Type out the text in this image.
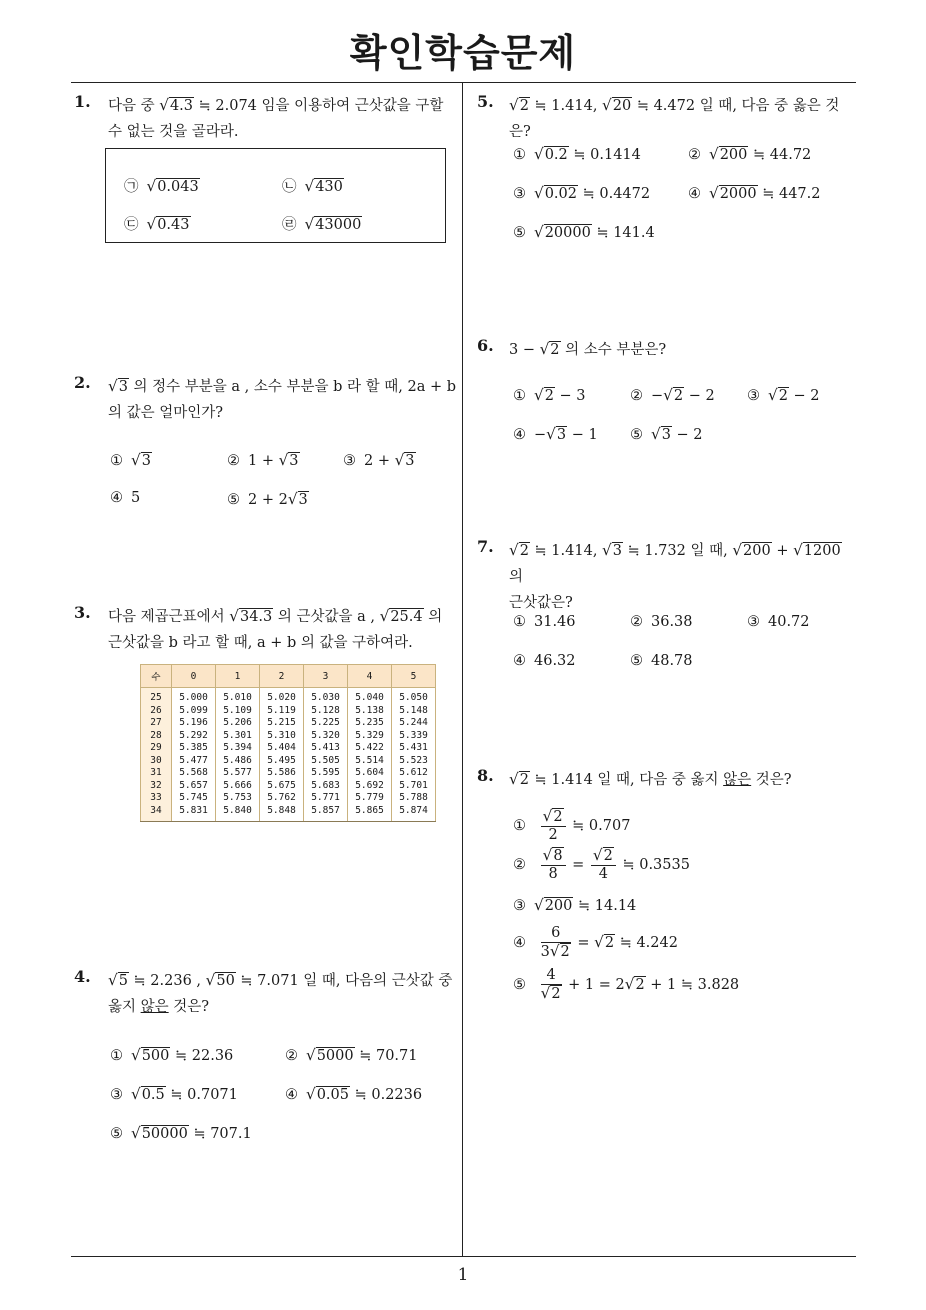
확인학습문제
1
1. 다음 중 √4.3 ≒ 2.074 임을 이용하여 근삿값을 구할 수 없는 것을 골라라.
㉠ √0.043	㉡ √430
㉢ √0.43	㉣ √43000
2. √3 의 정수 부분을 a , 소수 부분을 b 라 할 때, 2a + b 의 값은 얼마인가?
① √3	② 1 + √3	③ 2 + √3
④ 5	⑤ 2 + 2√3
3. 다음 제곱근표에서 √34.3 의 근삿값을 a , √25.4 의 근삿값을 b 라고 할 때, a + b 의 값을 구하여라.
수	0	1	2	3	4	5
25	5.000	5.010	5.020	5.030	5.040	5.050
26	5.099	5.109	5.119	5.128	5.138	5.148
27	5.196	5.206	5.215	5.225	5.235	5.244
28	5.292	5.301	5.310	5.320	5.329	5.339
29	5.385	5.394	5.404	5.413	5.422	5.431
30	5.477	5.486	5.495	5.505	5.514	5.523
31	5.568	5.577	5.586	5.595	5.604	5.612
32	5.657	5.666	5.675	5.683	5.692	5.701
33	5.745	5.753	5.762	5.771	5.779	5.788
34	5.831	5.840	5.848	5.857	5.865	5.874
4. √5 ≒ 2.236 , √50 ≒ 7.071 일 때, 다음의 근삿값 중
옳지 않은 것은?
① √500 ≒ 22.36	② √5000 ≒ 70.71
③ √0.5 ≒ 0.7071	④ √0.05 ≒ 0.2236
⑤ √50000 ≒ 707.1
5. √2 ≒ 1.414, √20 ≒ 4.472 일 때, 다음 중 옳은 것은?
① √0.2 ≒ 0.1414	② √200 ≒ 44.72
③ √0.02 ≒ 0.4472	④ √2000 ≒ 447.2
⑤ √20000 ≒ 141.4
6. 3 − √2 의 소수 부분은?
① √2 − 3	② −√2 − 2 ③ √2 − 2
④ −√3 − 1 ⑤ √3 − 2
7. √2 ≒ 1.414, √3 ≒ 1.732 일 때, √200 + √1200 의
근삿값은?
① 31.46	② 36.38	③ 40.72
④ 46.32	⑤ 48.78
8. √2 ≒ 1.414 일 때, 다음 중 옳지 않은 것은?
① $\frac{√2}{2}$ ≒ 0.707
② $\frac{√8}{8} = \frac{√2}{4}$ ≒ 0.3535
③ √200 ≒ 14.14
④ $\frac{6}{3√2} = √2$ ≒ 4.242
⑤ $\frac{4}{√2} + 1 = 2√2 + 1$ ≒ 3.828
